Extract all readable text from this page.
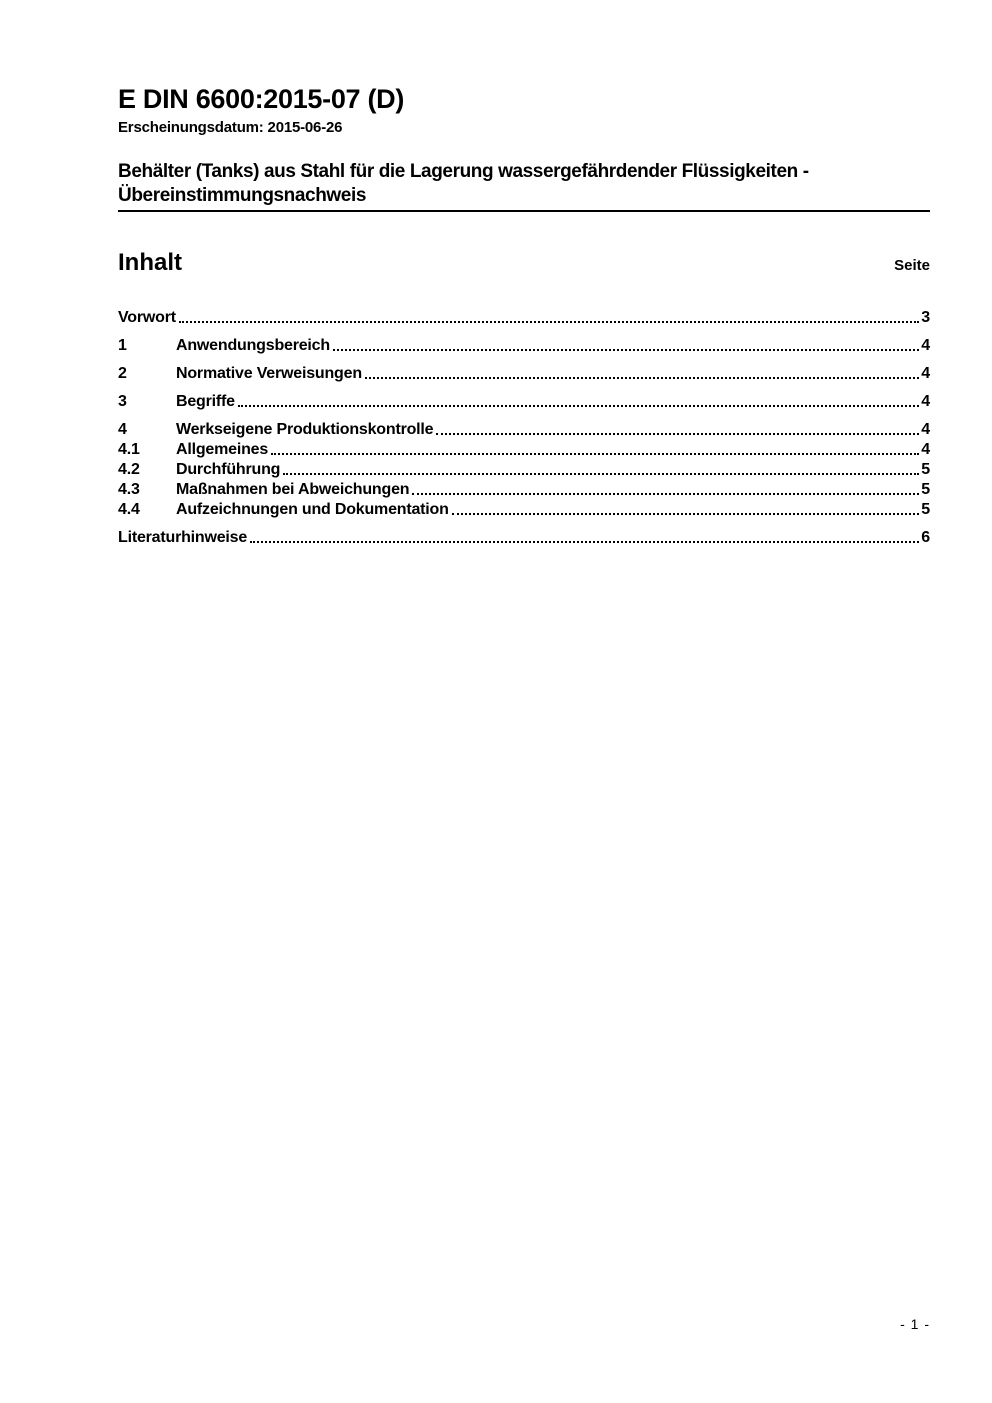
E DIN 6600:2015-07 (D)
Erscheinungsdatum: 2015-06-26
Behälter (Tanks) aus Stahl für die Lagerung wassergefährdender Flüssigkeiten -
Übereinstimmungsnachweis
Inhalt	Seite
Vorwort	3
1	Anwendungsbereich	4
2	Normative Verweisungen	4
3	Begriffe	4
4	Werkseigene Produktionskontrolle	4
4.1	Allgemeines	4
4.2	Durchführung	5
4.3	Maßnahmen bei Abweichungen	5
4.4	Aufzeichnungen und Dokumentation	5
Literaturhinweise	6
- 1 -
